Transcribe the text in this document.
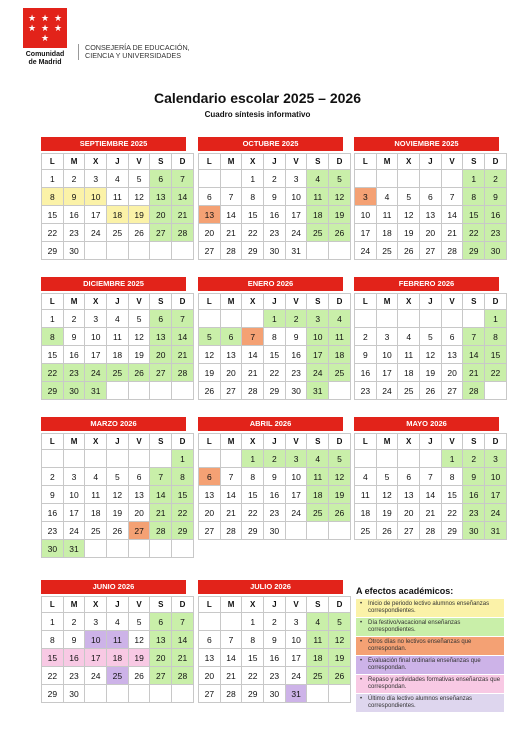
★ ★ ★
★ ★ ★
★
Comunidad
de Madrid
CONSEJERÍA DE EDUCACIÓN,
CIENCIA Y UNIVERSIDADES
Calendario escolar 2025 – 2026
Cuadro síntesis informativo
SEPTIEMBRE 2025
L	M	X	J	V	S	D
1	2	3	4	5	6	7
8	9	10	11	12	13	14
15	16	17	18	19	20	21
22	23	24	25	26	27	28
29	30					
OCTUBRE 2025
L	M	X	J	V	S	D
		1	2	3	4	5
6	7	8	9	10	11	12
13	14	15	16	17	18	19
20	21	22	23	24	25	26
27	28	29	30	31		
NOVIEMBRE 2025
L	M	X	J	V	S	D
					1	2
3	4	5	6	7	8	9
10	11	12	13	14	15	16
17	18	19	20	21	22	23
24	25	26	27	28	29	30
DICIEMBRE 2025
L	M	X	J	V	S	D
1	2	3	4	5	6	7
8	9	10	11	12	13	14
15	16	17	18	19	20	21
22	23	24	25	26	27	28
29	30	31				
ENERO 2026
L	M	X	J	V	S	D
			1	2	3	4
5	6	7	8	9	10	11
12	13	14	15	16	17	18
19	20	21	22	23	24	25
26	27	28	29	30	31	
FEBRERO 2026
L	M	X	J	V	S	D
						1
2	3	4	5	6	7	8
9	10	11	12	13	14	15
16	17	18	19	20	21	22
23	24	25	26	27	28	
MARZO 2026
L	M	X	J	V	S	D
						1
2	3	4	5	6	7	8
9	10	11	12	13	14	15
16	17	18	19	20	21	22
23	24	25	26	27	28	29
30	31					
ABRIL 2026
L	M	X	J	V	S	D
		1	2	3	4	5
6	7	8	9	10	11	12
13	14	15	16	17	18	19
20	21	22	23	24	25	26
27	28	29	30			
MAYO 2026
L	M	X	J	V	S	D
				1	2	3
4	5	6	7	8	9	10
11	12	13	14	15	16	17
18	19	20	21	22	23	24
25	26	27	28	29	30	31
JUNIO 2026
L	M	X	J	V	S	D
1	2	3	4	5	6	7
8	9	10	11	12	13	14
15	16	17	18	19	20	21
22	23	24	25	26	27	28
29	30					
JULIO 2026
L	M	X	J	V	S	D
		1	2	3	4	5
6	7	8	9	10	11	12
13	14	15	16	17	18	19
20	21	22	23	24	25	26
27	28	29	30	31		
A efectos académicos:
• Inicio de periodo lectivo alumnos enseñanzas correspondientes.
• Día festivo/vacacional enseñanzas correspondientes.
• Otros días no lectivos enseñanzas que correspondan.
• Evaluación final ordinaria enseñanzas que correspondan.
• Repaso y actividades formativas enseñanzas que correspondan.
• Último día lectivo alumnos enseñanzas correspondientes.
